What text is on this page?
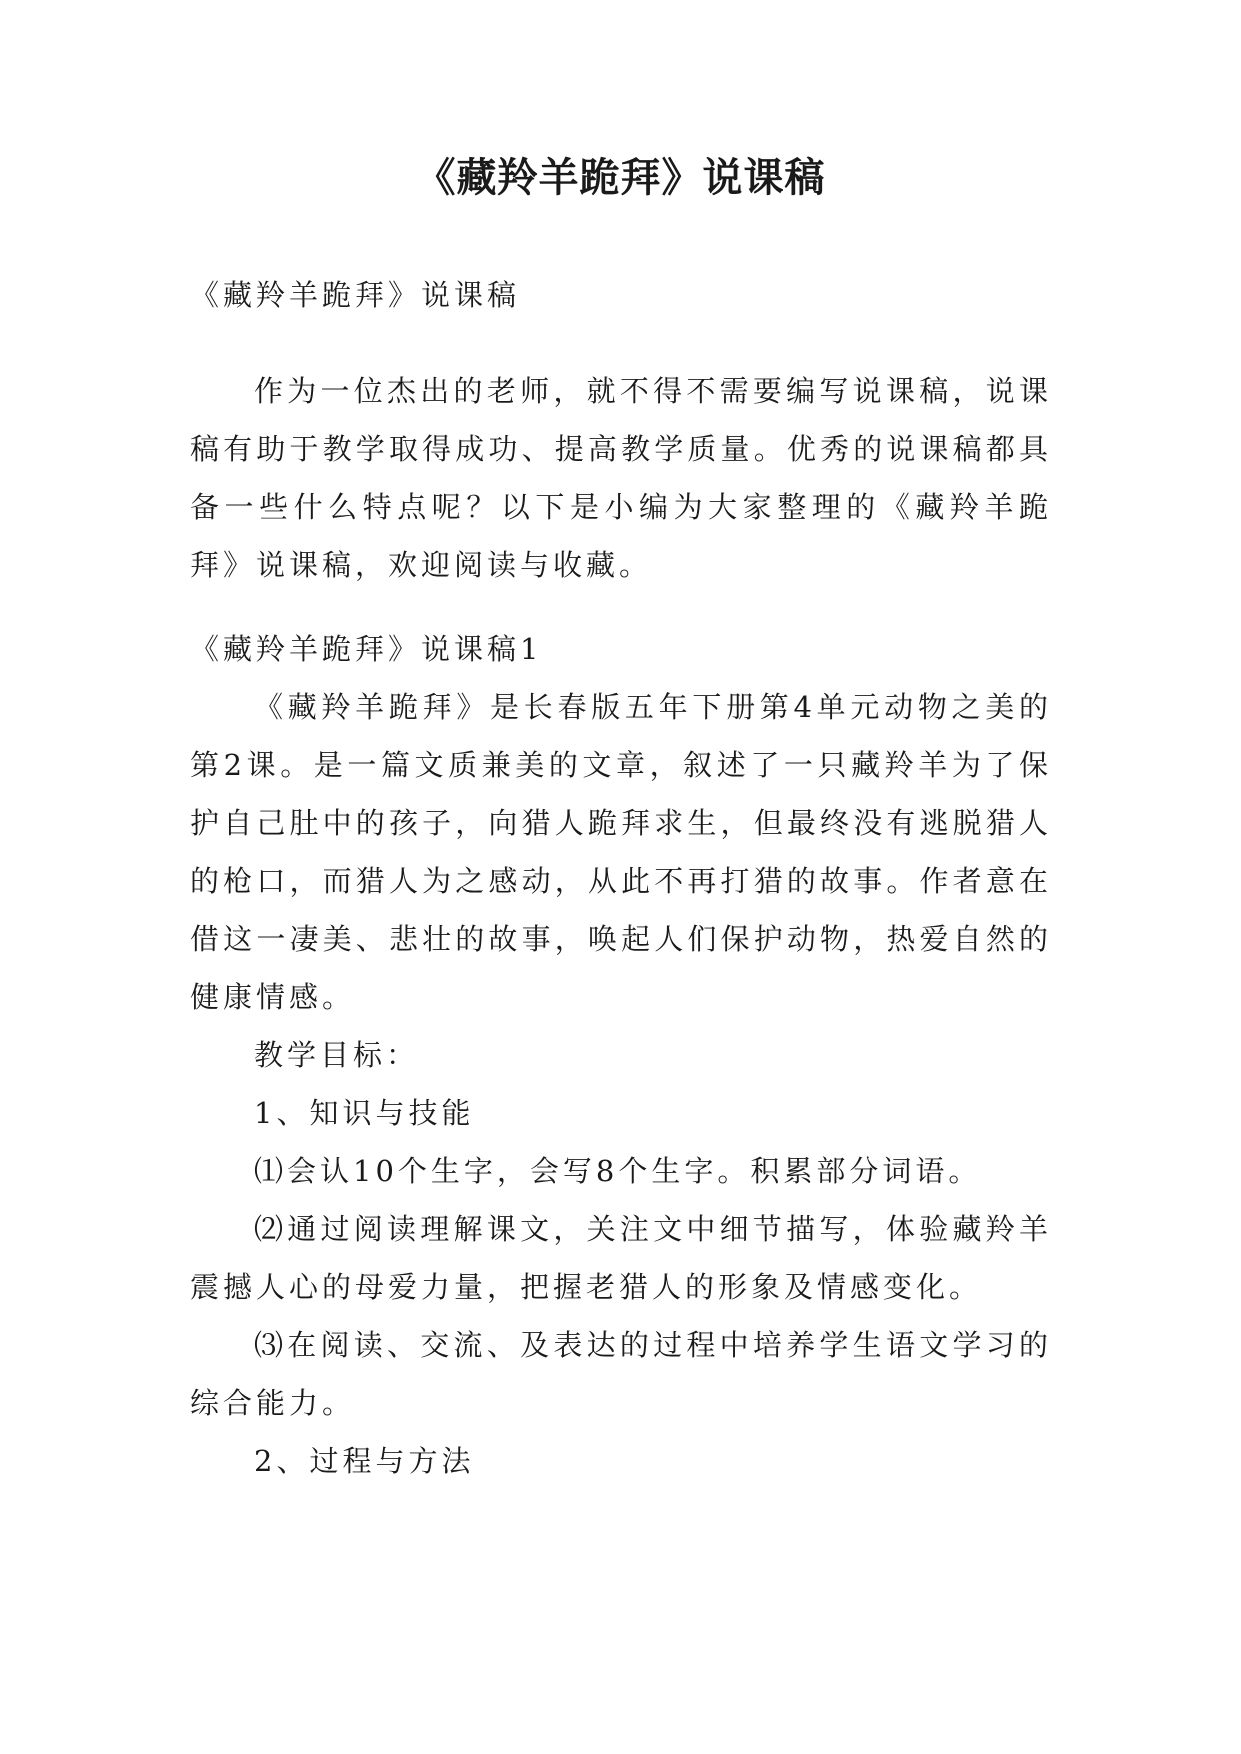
《藏羚羊跪拜》说课稿

《藏羚羊跪拜》说课稿

作为一位杰出的老师，就不得不需要编写说课稿，说课稿有助于教学取得成功、提高教学质量。优秀的说课稿都具备一些什么特点呢？以下是小编为大家整理的《藏羚羊跪拜》说课稿，欢迎阅读与收藏。

《藏羚羊跪拜》说课稿1

《藏羚羊跪拜》是长春版五年下册第4单元动物之美的第2课。是一篇文质兼美的文章，叙述了一只藏羚羊为了保护自己肚中的孩子，向猎人跪拜求生，但最终没有逃脱猎人的枪口，而猎人为之感动，从此不再打猎的故事。作者意在借这一凄美、悲壮的故事，唤起人们保护动物，热爱自然的健康情感。

教学目标：

1、知识与技能

⑴会认10个生字，会写8个生字。积累部分词语。

⑵通过阅读理解课文，关注文中细节描写，体验藏羚羊震撼人心的母爱力量，把握老猎人的形象及情感变化。

⑶在阅读、交流、及表达的过程中培养学生语文学习的综合能力。

2、过程与方法
